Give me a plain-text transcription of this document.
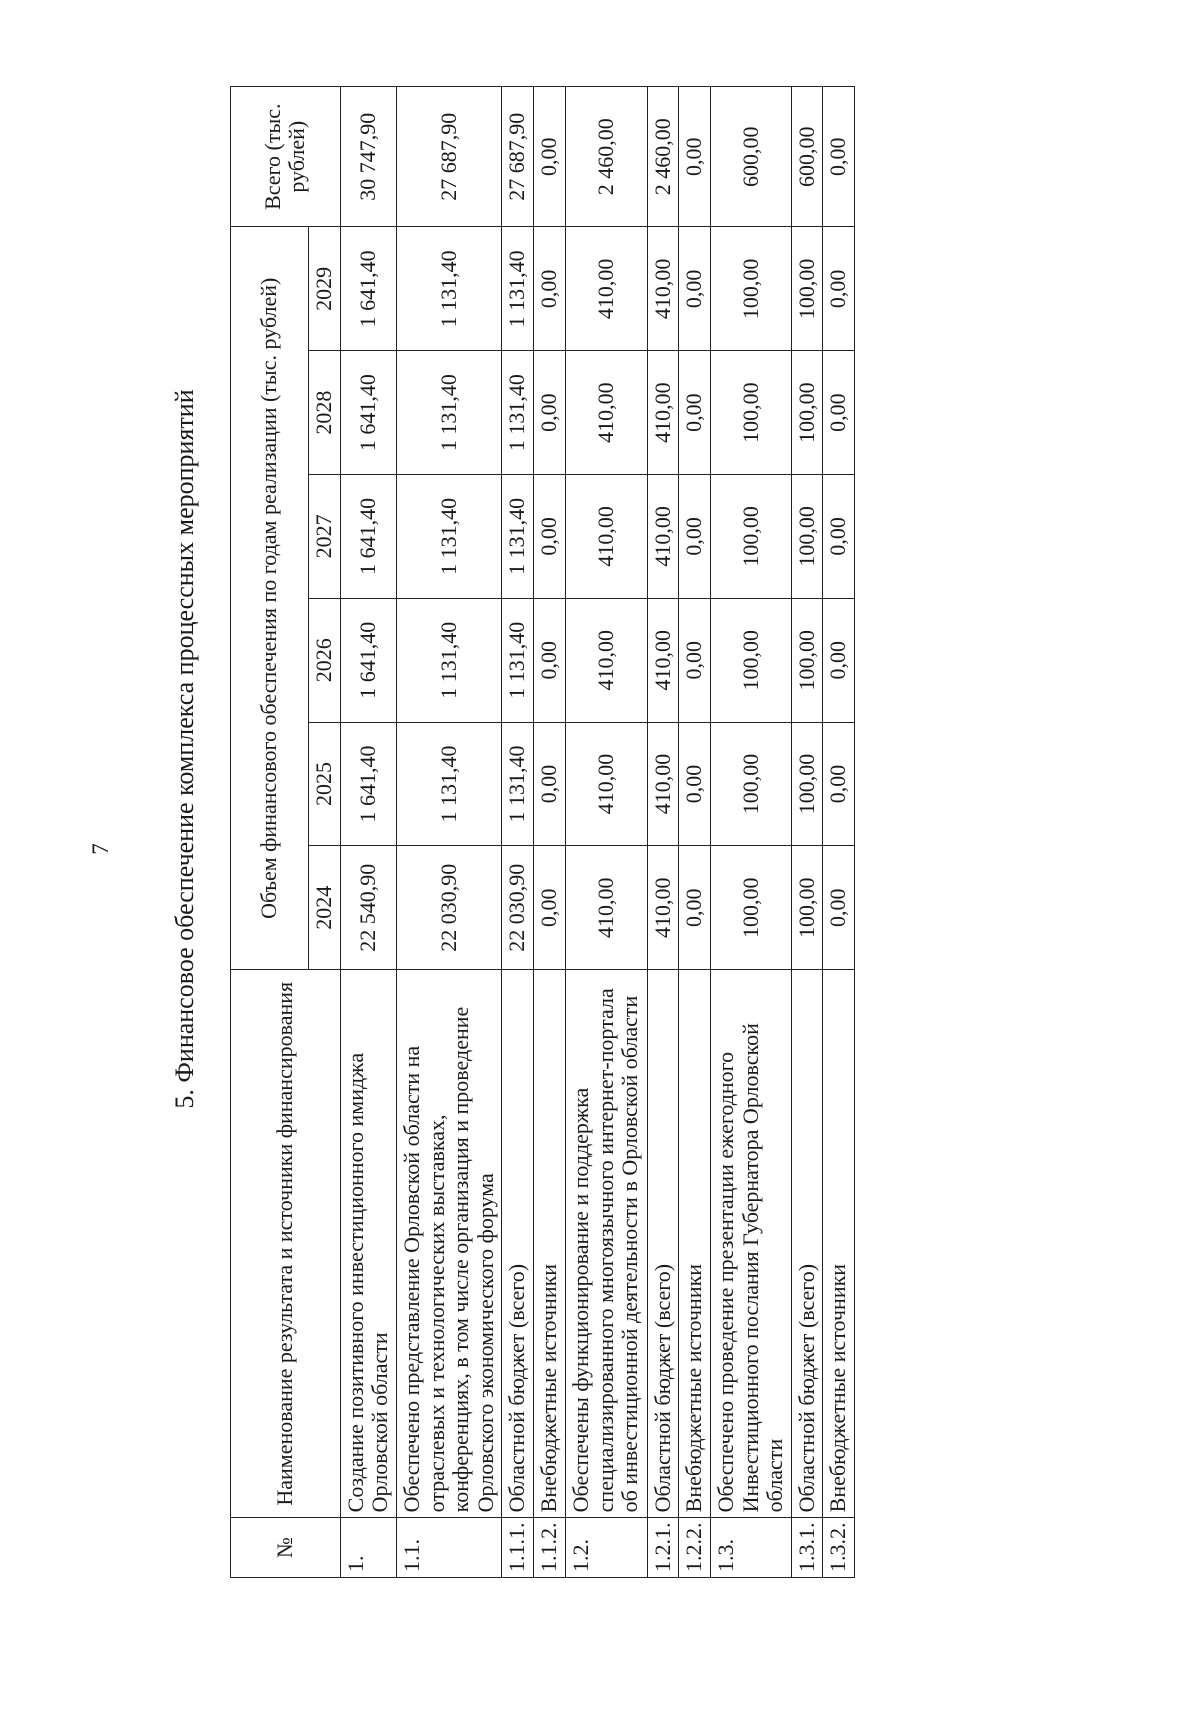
7 5. Финансовое обеспечение комплекса процессных мероприятий
№	Наименование результата и источники финансирования	Объем финансового обеспечения по годам реализации (тыс. рублей)						Всего (тыс. рублей)
		2024	2025	2026	2027	2028	2029	
1.	Создание позитивного инвестиционного имиджа Орловской области	22 540,90	1 641,40	1 641,40	1 641,40	1 641,40	1 641,40	30 747,90
1.1.	Обеспечено представление Орловской области на отраслевых и технологических выставках, конференциях, в том числе организация и проведение Орловского экономического форума	22 030,90	1 131,40	1 131,40	1 131,40	1 131,40	1 131,40	27 687,90
1.1.1.	Областной бюджет (всего)	22 030,90	1 131,40	1 131,40	1 131,40	1 131,40	1 131,40	27 687,90
1.1.2.	Внебюджетные источники	0,00	0,00	0,00	0,00	0,00	0,00	0,00
1.2.	Обеспечены функционирование и поддержка специализированного многоязычного интернет-портала об инвестиционной деятельности в Орловской области	410,00	410,00	410,00	410,00	410,00	410,00	2 460,00
1.2.1.	Областной бюджет (всего)	410,00	410,00	410,00	410,00	410,00	410,00	2 460,00
1.2.2.	Внебюджетные источники	0,00	0,00	0,00	0,00	0,00	0,00	0,00
1.3.	Обеспечено проведение презентации ежегодного Инвестиционного послания Губернатора Орловской области	100,00	100,00	100,00	100,00	100,00	100,00	600,00
1.3.1.	Областной бюджет (всего)	100,00	100,00	100,00	100,00	100,00	100,00	600,00
1.3.2.	Внебюджетные источники	0,00	0,00	0,00	0,00	0,00	0,00	0,00
